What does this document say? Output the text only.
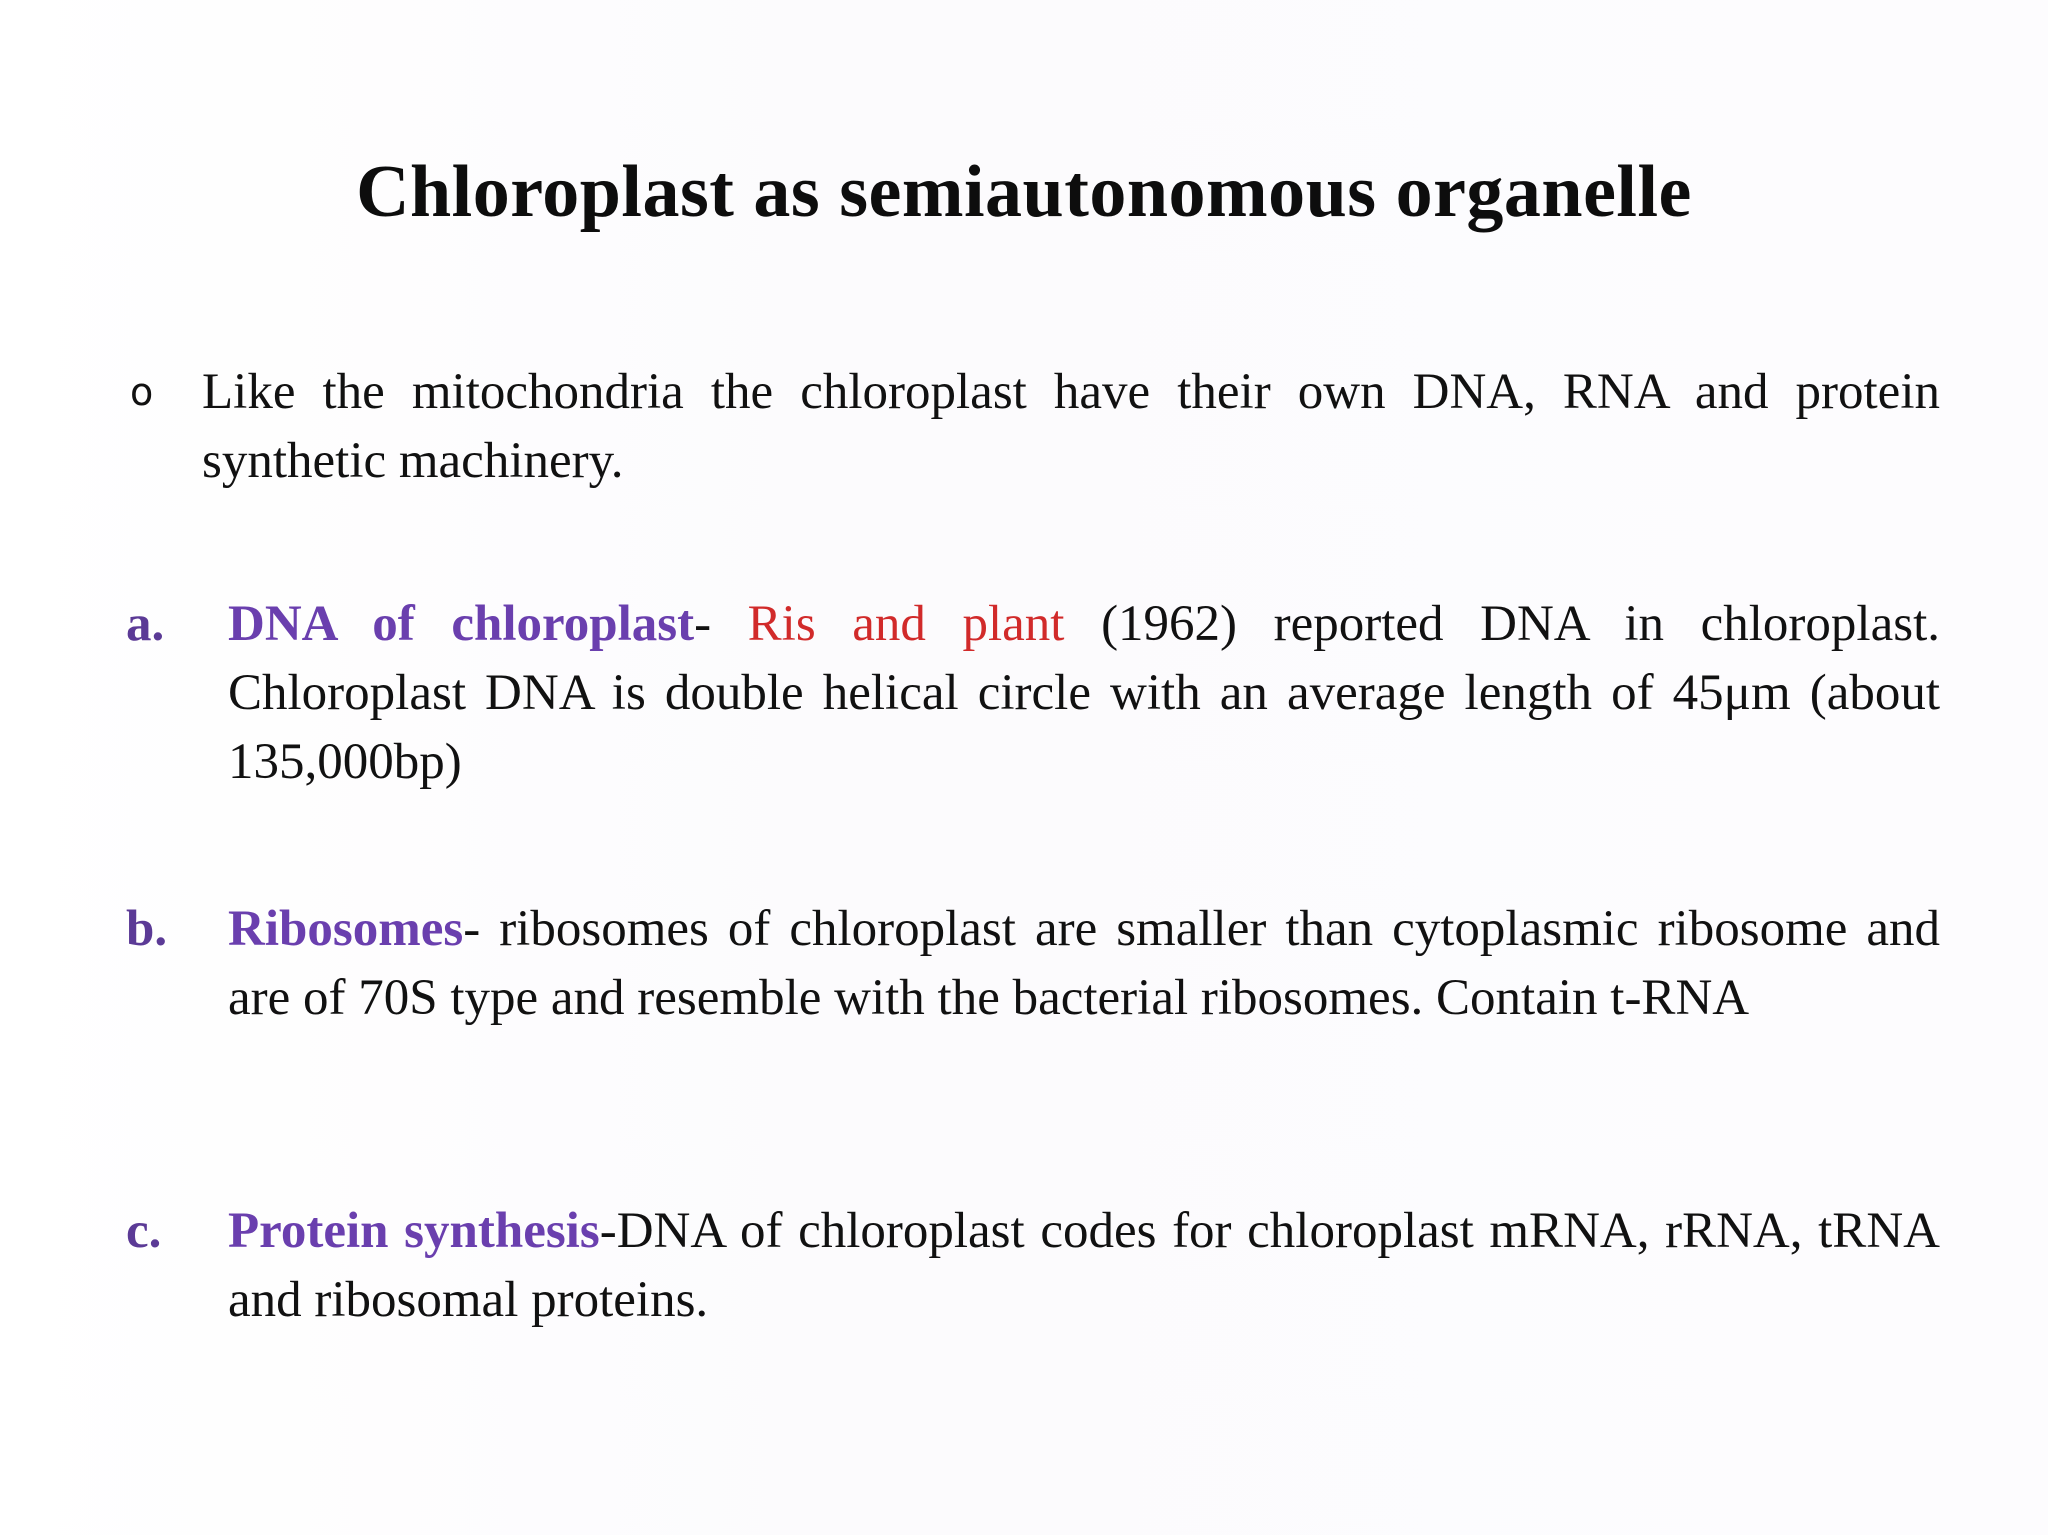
Chloroplast as semiautonomous organelle
o Like the mitochondria the chloroplast have their own DNA, RNA and protein synthetic machinery.
a.	DNA of chloroplast- Ris and plant (1962) reported DNA in chloroplast. Chloroplast DNA is double helical circle with an average length of 45μm (about 135,000bp)
b.	Ribosomes- ribosomes of chloroplast are smaller than cytoplasmic ribosome and are of 70S type and resemble with the bacterial ribosomes. Contain t-RNA
c.	Protein synthesis-DNA of chloroplast codes for chloroplast mRNA, rRNA, tRNA and ribosomal proteins.
